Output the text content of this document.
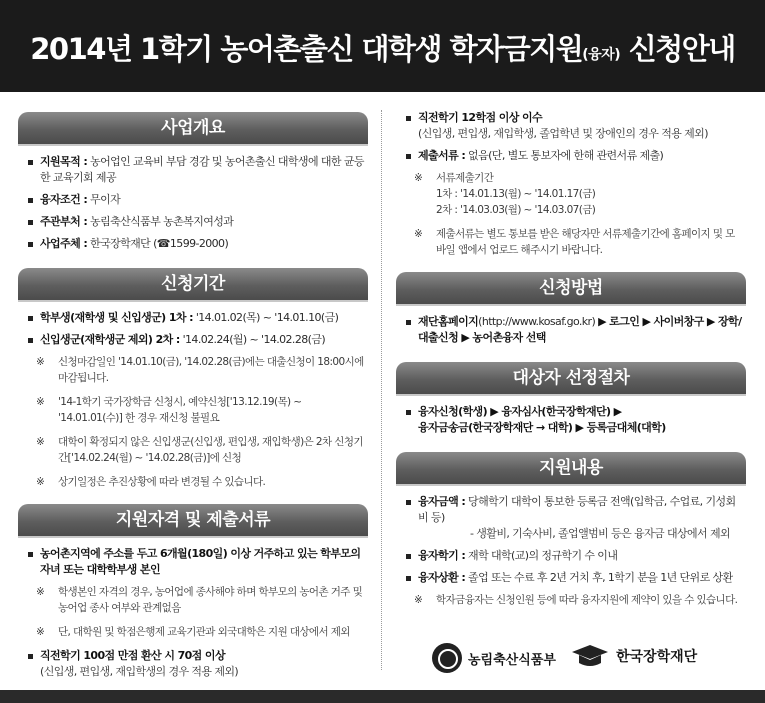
2014년 1학기 농어촌출신 대학생 학자금지원(융자) 신청안내
사업개요
지원목적 : 농어업인 교육비 부담 경감 및 농어촌출신 대학생에 대한 균등한 교육기회 제공
융자조건 : 무이자
주관부처 : 농림축산식품부 농촌복지여성과
사업주체 : 한국장학재단 (☎1599-2000)
신청기간
학부생(재학생 및 신입생군) 1차 : '14.01.02(목) ~ '14.01.10(금)
신입생군(재학생군 제외) 2차 : '14.02.24(월) ~ '14.02.28(금)
※ 신청마감일인 '14.01.10(금), '14.02.28(금)에는 대출신청이 18:00시에 마감됩니다.
※ '14-1학기 국가장학금 신청시, 예약신청['13.12.19(목) ~ '14.01.01(수)] 한 경우 재신청 불필요
※ 대학이 확정되지 않은 신입생군(신입생, 편입생, 재입학생)은 2차 신청기간['14.02.24(월) ~ '14.02.28(금)]에 신청
※ 상기일정은 추진상황에 따라 변경될 수 있습니다.
지원자격 및 제출서류
농어촌지역에 주소를 두고 6개월(180일) 이상 거주하고 있는 학부모의 자녀 또는 대학학부생 본인
※ 학생본인 자격의 경우, 농어업에 종사해야 하며 학부모의 농어촌 거주 및 농어업 종사 여부와 관계없음
※ 단, 대학원 및 학점은행제 교육기관과 외국대학은 지원 대상에서 제외
직전학기 100점 만점 환산 시 70점 이상
(신입생, 편입생, 재입학생의 경우 적용 제외)
직전학기 12학점 이상 이수
(신입생, 편입생, 재입학생, 졸업학년 및 장애인의 경우 적용 제외)
제출서류 : 없음(단, 별도 통보자에 한해 관련서류 제출)
※ 서류제출기간
1차 : '14.01.13(월) ~ '14.01.17(금)
2차 : '14.03.03(월) ~ '14.03.07(금)
※ 제출서류는 별도 통보를 받은 해당자만 서류제출기간에 홈페이지 및 모바일 앱에서 업로드 해주시기 바랍니다.
신청방법
재단홈페이지(http://www.kosaf.go.kr) ▶ 로그인 ▶ 사이버창구 ▶ 장학/대출신청 ▶ 농어촌융자 선택
대상자 선정절차
융자신청(학생) ▶ 융자심사(한국장학재단) ▶
융자금송금(한국장학재단 → 대학) ▶ 등록금대체(대학)
지원내용
융자금액 : 당해학기 대학이 통보한 등록금 전액(입학금, 수업료, 기성회비 등)
- 생활비, 기숙사비, 졸업앨범비 등은 융자금 대상에서 제외
융자학기 : 재학 대학(교)의 정규학기 수 이내
융자상환 : 졸업 또는 수료 후 2년 거치 후, 1학기 분을 1년 단위로 상환
※ 학자금융자는 신청인원 등에 따라 융자지원에 제약이 있을 수 있습니다.
농림축산식품부	한국장학재단
